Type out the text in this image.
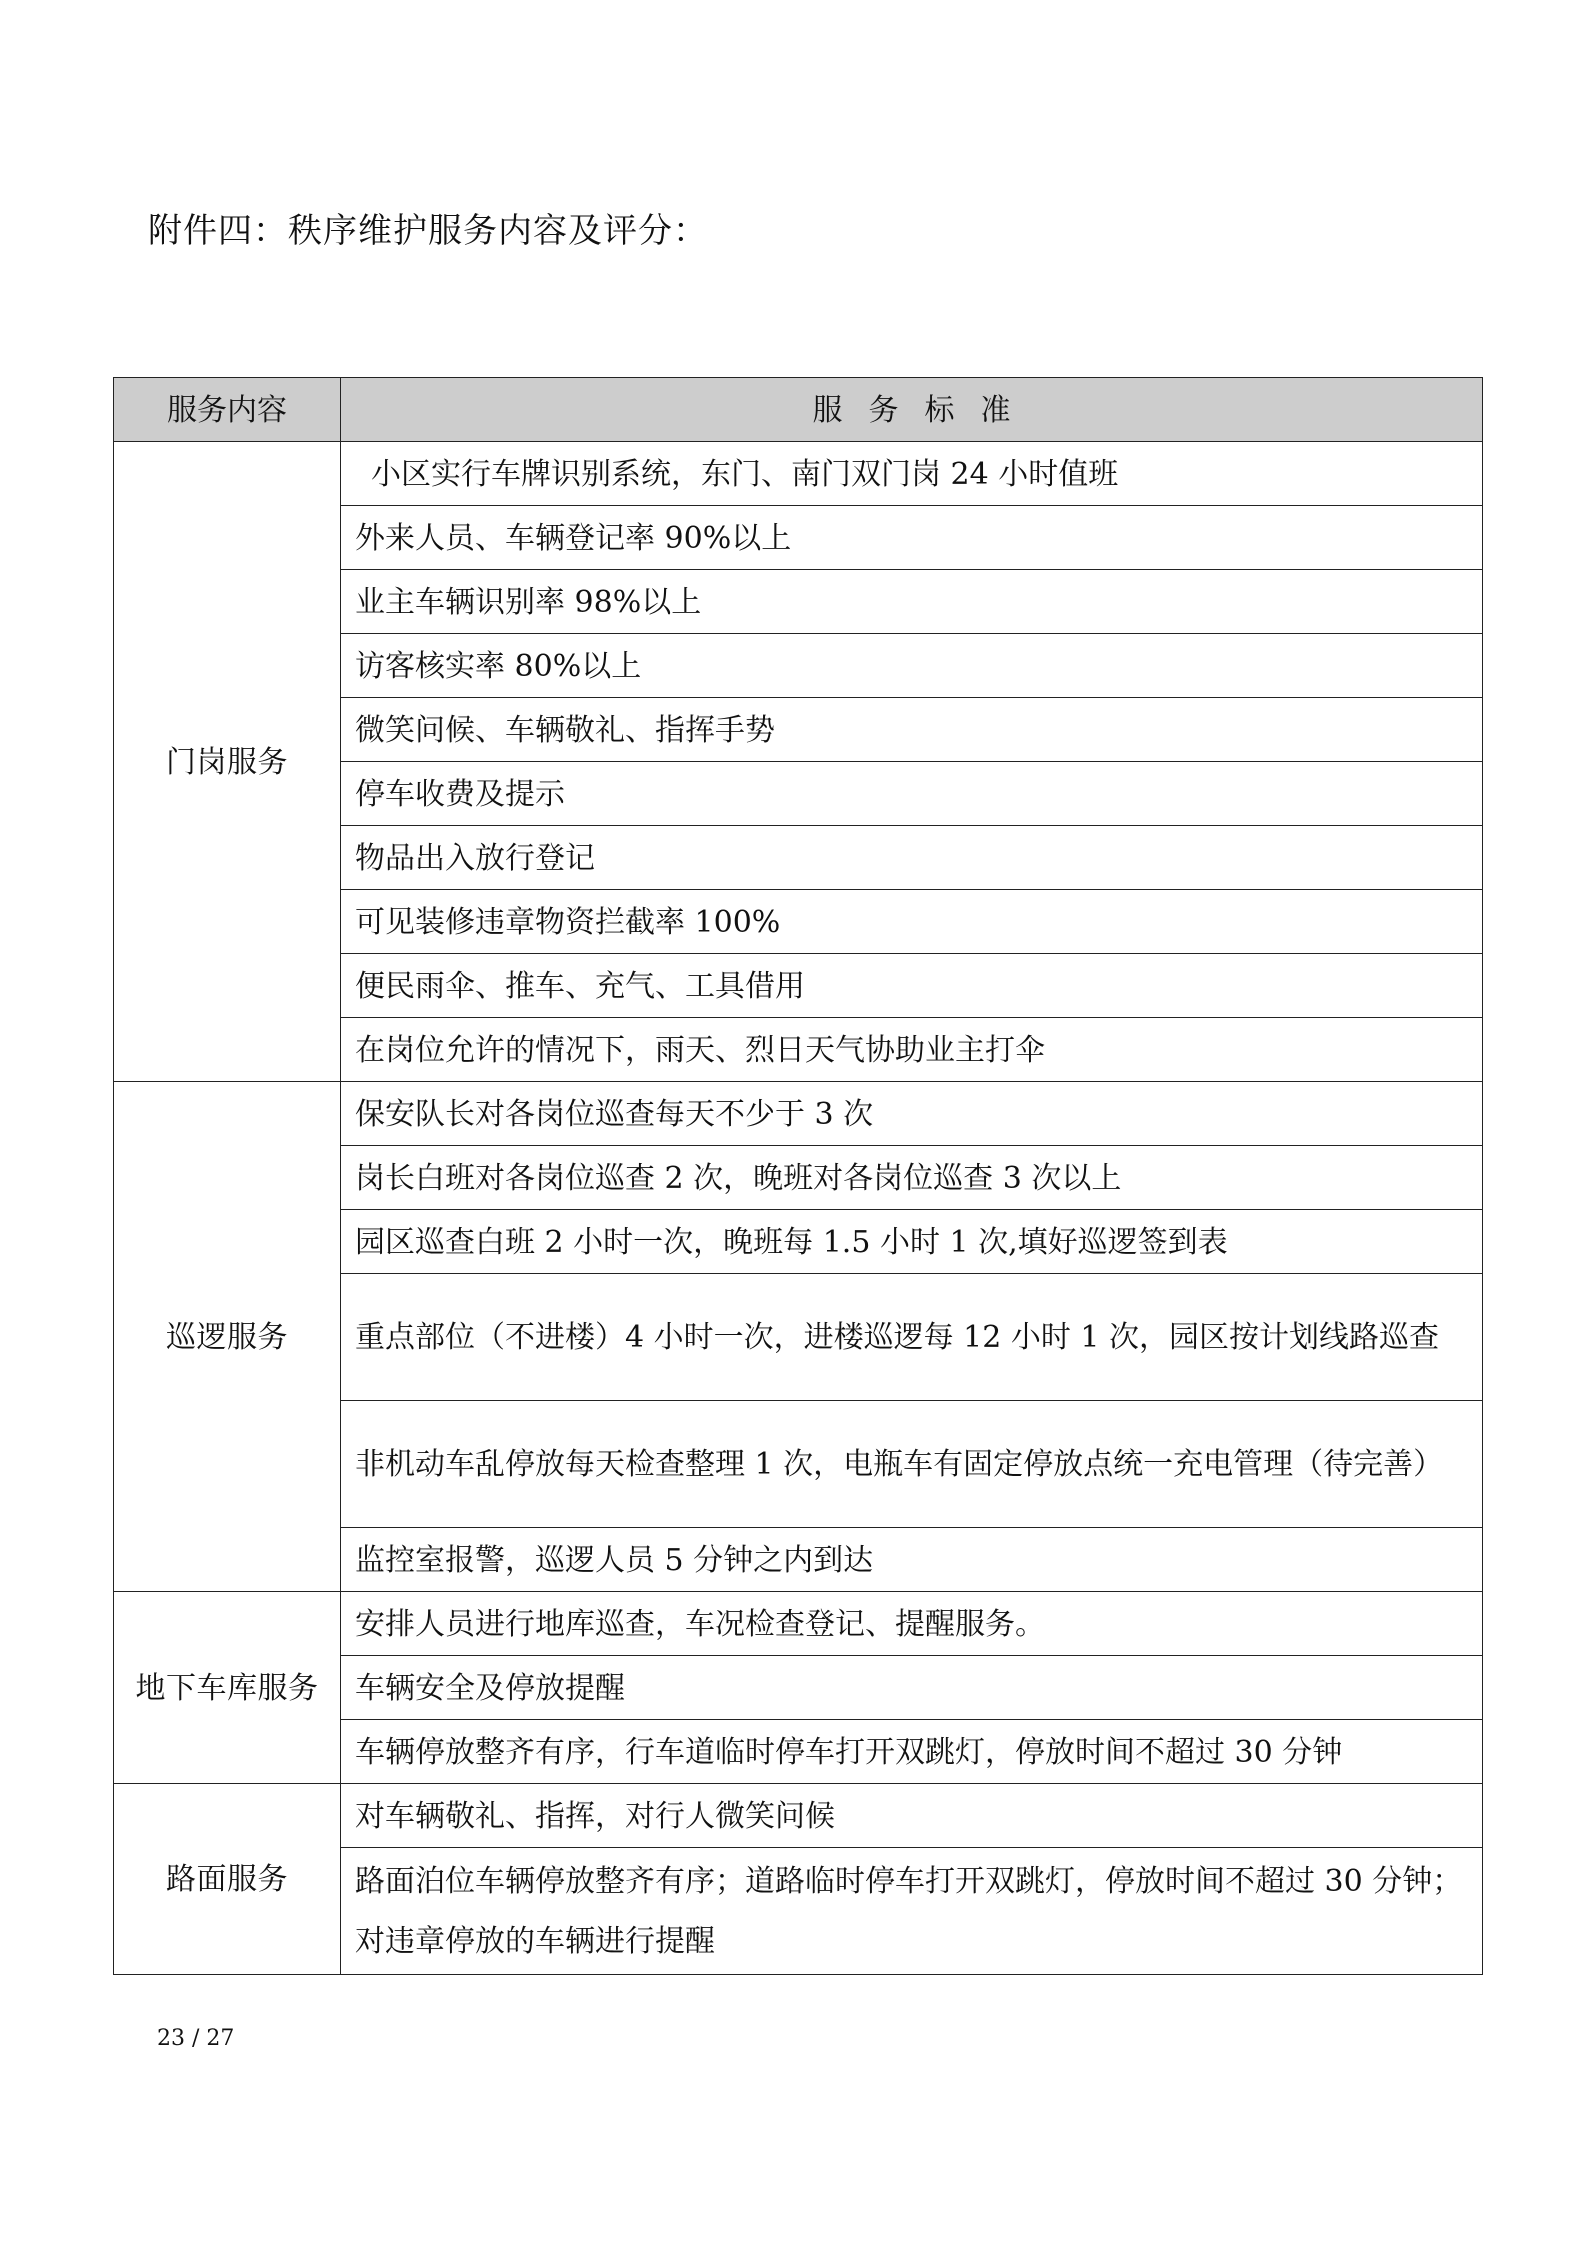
附件四：秩序维护服务内容及评分：
服务内容	服务标准
门岗服务	小区实行车牌识别系统，东门、南门双门岗 24 小时值班
	外来人员、车辆登记率 90%以上
	业主车辆识别率 98%以上
	访客核实率 80%以上
	微笑问候、车辆敬礼、指挥手势
	停车收费及提示
	物品出入放行登记
	可见装修违章物资拦截率 100%
	便民雨伞、推车、充气、工具借用
	在岗位允许的情况下，雨天、烈日天气协助业主打伞
巡逻服务	保安队长对各岗位巡查每天不少于 3 次
	岗长白班对各岗位巡查 2 次，晚班对各岗位巡查 3 次以上
	园区巡查白班 2 小时一次，晚班每 1.5 小时 1 次,填好巡逻签到表
	重点部位（不进楼）4 小时一次，进楼巡逻每 12 小时 1 次，园区按计划线路巡查
	非机动车乱停放每天检查整理 1 次，电瓶车有固定停放点统一充电管理（待完善）
	监控室报警，巡逻人员 5 分钟之内到达
地下车库服务	安排人员进行地库巡查，车况检查登记、提醒服务。
	车辆安全及停放提醒
	车辆停放整齐有序，行车道临时停车打开双跳灯，停放时间不超过 30 分钟
路面服务	对车辆敬礼、指挥，对行人微笑问候
	路面泊位车辆停放整齐有序；道路临时停车打开双跳灯，停放时间不超过 30 分钟；对违章停放的车辆进行提醒
23 / 27
